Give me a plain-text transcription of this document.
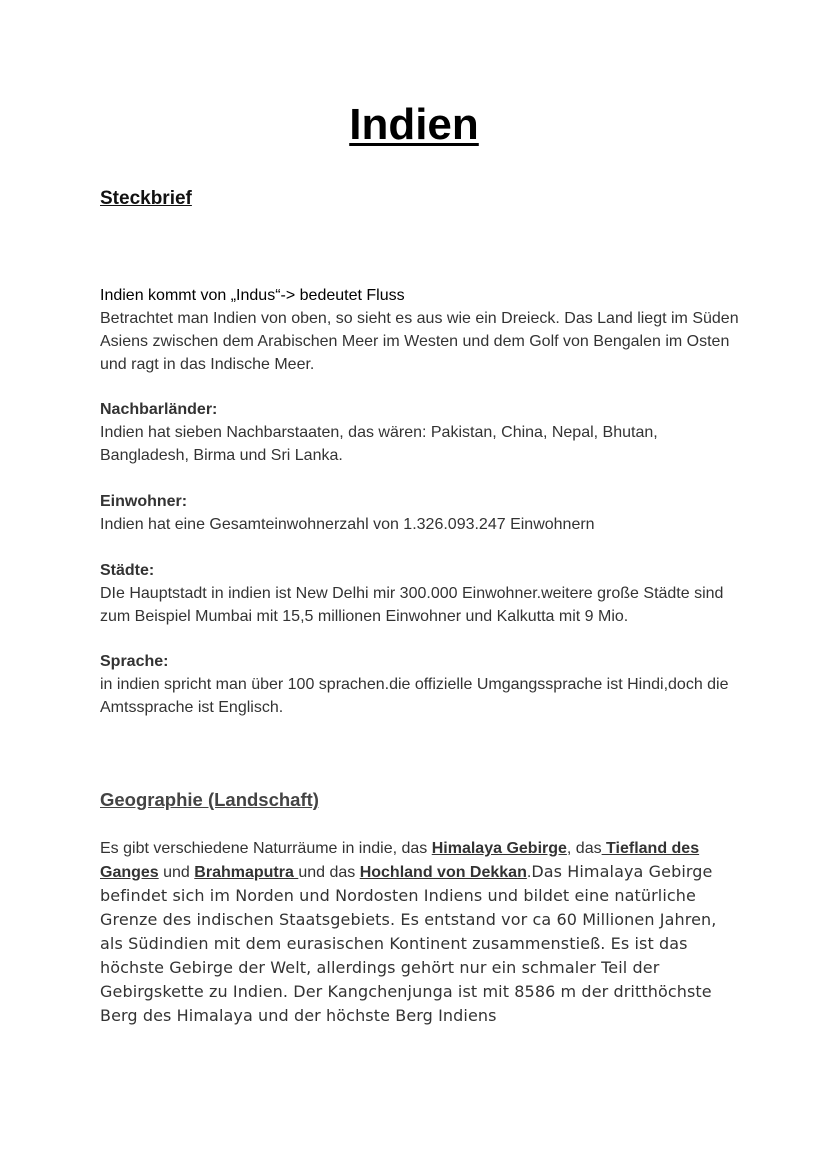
Indien
Steckbrief
Indien kommt von „Indus“-> bedeutet Fluss
Betrachtet man Indien von oben, so sieht es aus wie ein Dreieck. Das Land liegt im Süden Asiens zwischen dem Arabischen Meer im Westen und dem Golf von Bengalen im Osten und ragt in das Indische Meer.
Nachbarländer:
Indien hat sieben Nachbarstaaten, das wären: Pakistan, China, Nepal, Bhutan, Bangladesh, Birma und Sri Lanka.
Einwohner:
Indien hat eine Gesamteinwohnerzahl von 1.326.093.247 Einwohnern
Städte:
DIe Hauptstadt in indien ist New Delhi mir 300.000 Einwohner.weitere große Städte sind zum Beispiel Mumbai mit 15,5 millionen Einwohner und Kalkutta mit 9 Mio.
Sprache:
in indien spricht man über 100 sprachen.die offizielle Umgangssprache ist Hindi,doch die Amtssprache ist Englisch.
Geographie (Landschaft)
Es gibt verschiedene Naturräume in indie, das Himalaya Gebirge, das Tiefland des Ganges und Brahmaputra und das Hochland von Dekkan.Das Himalaya Gebirge befindet sich im Norden und Nordosten Indiens und bildet eine natürliche Grenze des indischen Staatsgebiets. Es entstand vor ca 60 Millionen Jahren, als Südindien mit dem eurasischen Kontinent zusammenstieß. Es ist das höchste Gebirge der Welt, allerdings gehört nur ein schmaler Teil der Gebirgskette zu Indien. Der Kangchenjunga ist mit 8586 m der dritthöchste Berg des Himalaya und der höchste Berg Indiens
